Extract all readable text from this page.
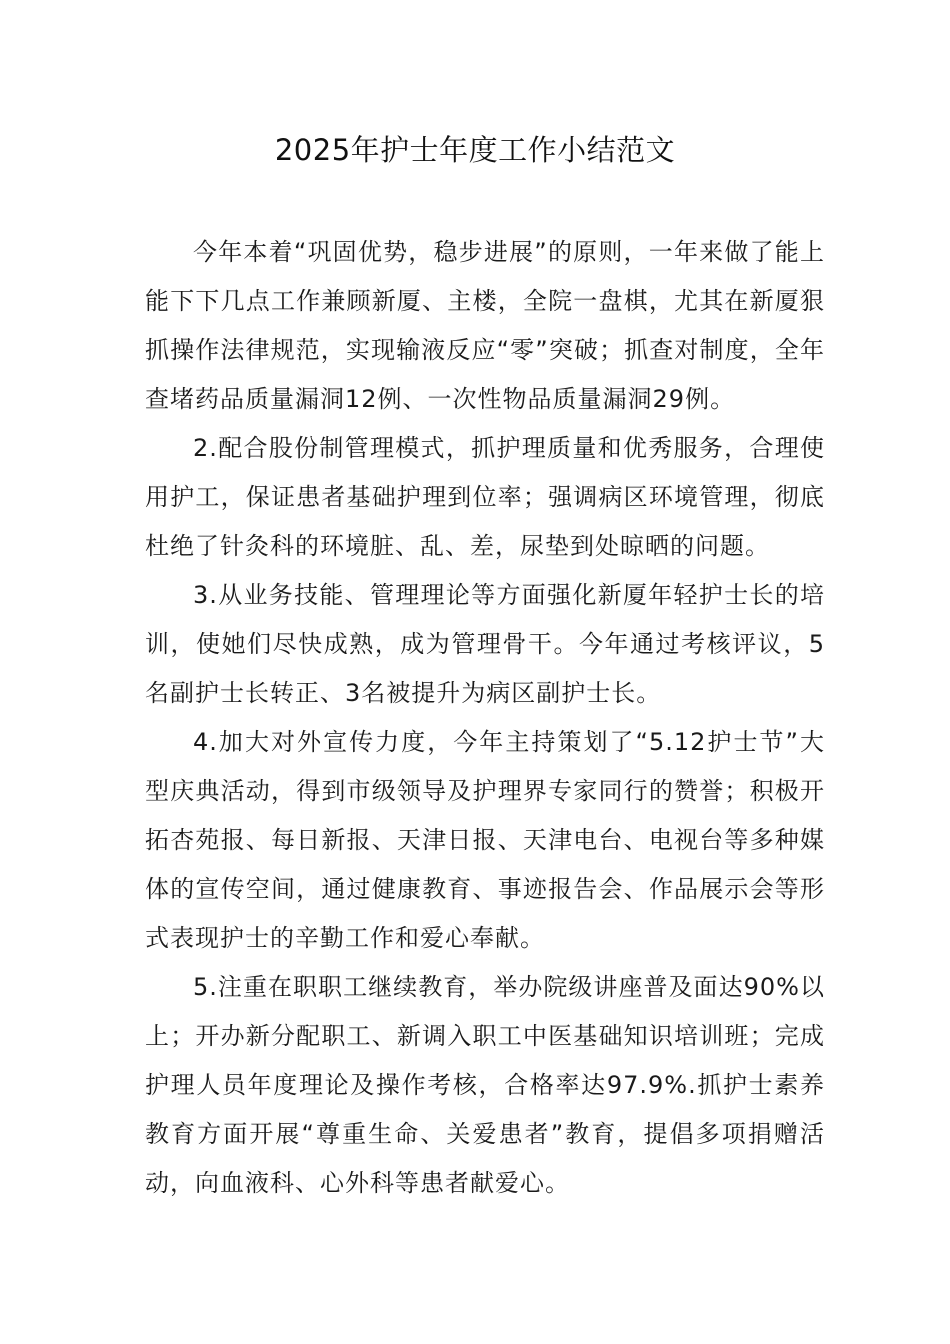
2025年护士年度工作小结范文

今年本着“巩固优势，稳步进展”的原则，一年来做了能上能下下几点工作兼顾新厦、主楼，全院一盘棋，尤其在新厦狠抓操作法律规范，实现输液反应“零”突破；抓查对制度，全年查堵药品质量漏洞12例、一次性物品质量漏洞29例。

2.配合股份制管理模式，抓护理质量和优秀服务，合理使用护工，保证患者基础护理到位率；强调病区环境管理，彻底杜绝了针灸科的环境脏、乱、差，尿垫到处晾晒的问题。

3.从业务技能、管理理论等方面强化新厦年轻护士长的培训，使她们尽快成熟，成为管理骨干。今年通过考核评议，5名副护士长转正、3名被提升为病区副护士长。

4.加大对外宣传力度，今年主持策划了“5.12护士节”大型庆典活动，得到市级领导及护理界专家同行的赞誉；积极开拓杏苑报、每日新报、天津日报、天津电台、电视台等多种媒体的宣传空间，通过健康教育、事迹报告会、作品展示会等形式表现护士的辛勤工作和爱心奉献。

5.注重在职职工继续教育，举办院级讲座普及面达90%以上；开办新分配职工、新调入职工中医基础知识培训班；完成护理人员年度理论及操作考核，合格率达97.9%.抓护士素养教育方面开展“尊重生命、关爱患者”教育，提倡多项捐赠活动，向血液科、心外科等患者献爱心。
